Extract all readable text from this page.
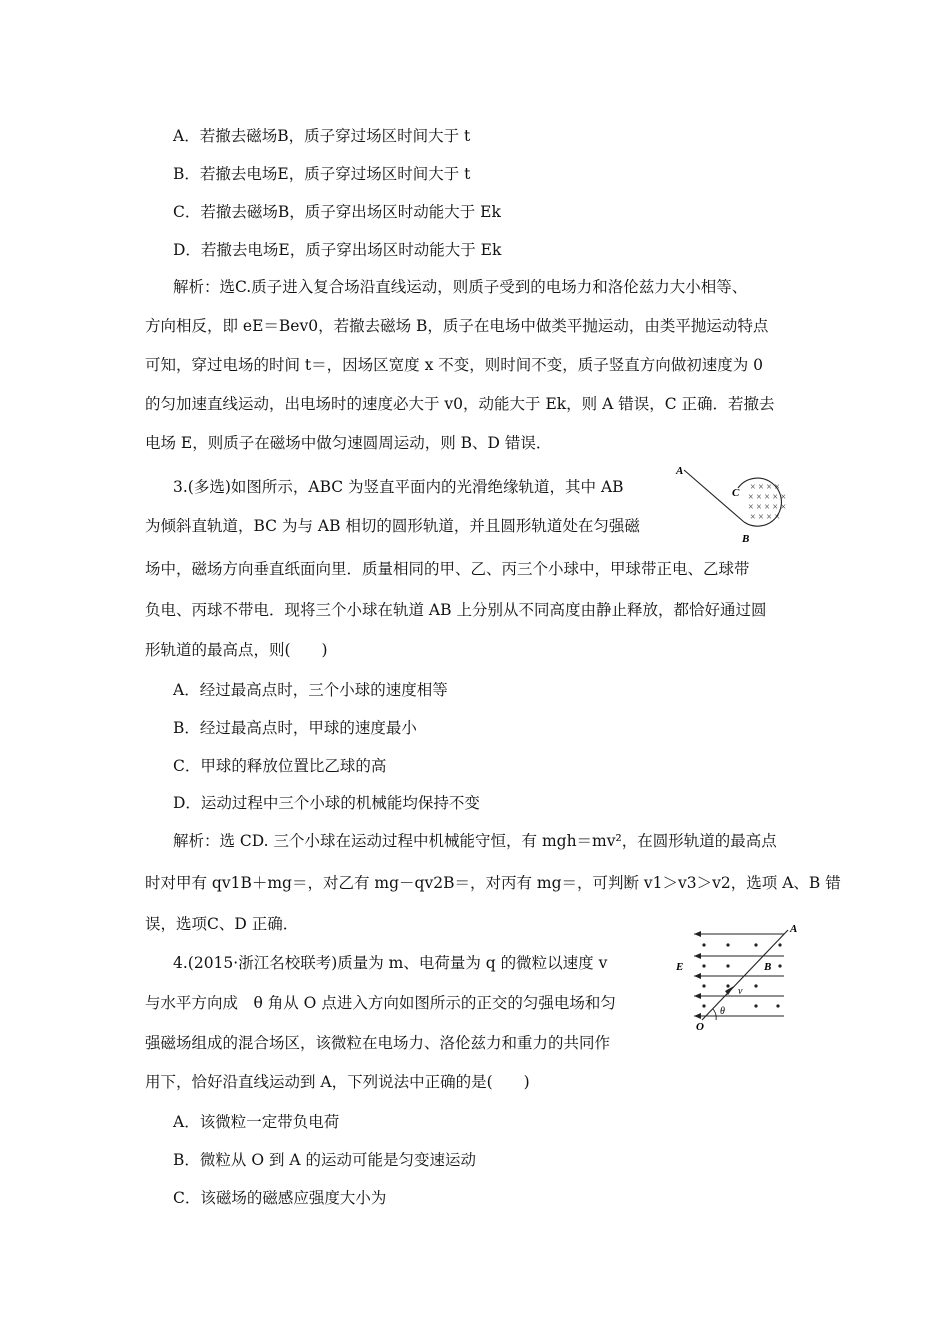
A．若撤去磁场B，质子穿过场区时间大于 t
B．若撤去电场E，质子穿过场区时间大于 t
C．若撤去磁场B，质子穿出场区时动能大于 Ek
D．若撤去电场E，质子穿出场区时动能大于 Ek
解析：选C.质子进入复合场沿直线运动，则质子受到的电场力和洛伦兹力大小相等、
方向相反，即 eE＝Bev0，若撤去磁场 B，质子在电场中做类平抛运动，由类平抛运动特点
可知，穿过电场的时间 t＝，因场区宽度 x 不变，则时间不变，质子竖直方向做初速度为 0
的匀加速直线运动，出电场时的速度必大于 v0，动能大于 Ek，则 A 错误，C 正确．若撤去
电场 E，则质子在磁场中做匀速圆周运动，则 B、D 错误．
3.(多选)如图所示，ABC 为竖直平面内的光滑绝缘轨道，其中 AB
为倾斜直轨道，BC 为与 AB 相切的圆形轨道，并且圆形轨道处在匀强磁
场中，磁场方向垂直纸面向里．质量相同的甲、乙、丙三个小球中，甲球带正电、乙球带
负电、丙球不带电．现将三个小球在轨道 AB 上分别从不同高度由静止释放，都恰好通过圆
形轨道的最高点，则(　　)
× × × ×
× × × × ×
× × × × ×
× × × ×
A
C
B
A．经过最高点时，三个小球的速度相等
B．经过最高点时，甲球的速度最小
C．甲球的释放位置比乙球的高
D．运动过程中三个小球的机械能均保持不变
解析：选 CD. 三个小球在运动过程中机械能守恒，有 mgh＝mv²，在圆形轨道的最高点
时对甲有 qv1B＋mg＝，对乙有 mg－qv2B＝，对丙有 mg＝，可判断 v1＞v3＞v2，选项 A、B 错
误，选项C、D 正确．
4.(2015·浙江名校联考)质量为 m、电荷量为 q 的微粒以速度 v
与水平方向成　θ 角从 O 点进入方向如图所示的正交的匀强电场和匀
强磁场组成的混合场区，该微粒在电场力、洛伦兹力和重力的共同作
用下，恰好沿直线运动到 A，下列说法中正确的是(　　)
A
E	B
v
θ
O
A．该微粒一定带负电荷
B．微粒从 O 到 A 的运动可能是匀变速运动
C．该磁场的磁感应强度大小为
